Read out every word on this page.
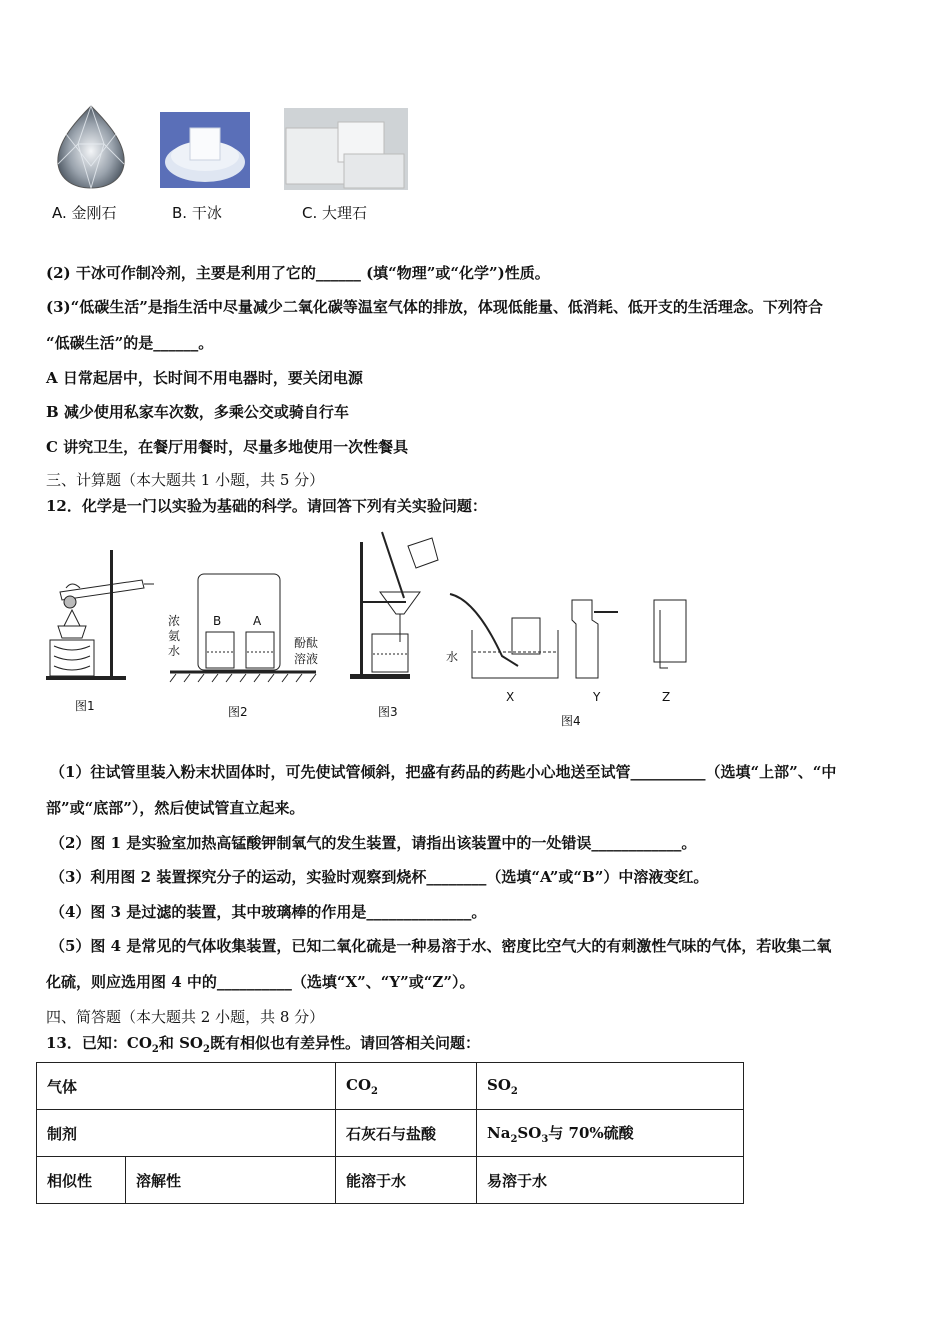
A. 金刚石	B. 干冰	C. 大理石
(2) 干冰可作制冷剂，主要是利用了它的______ (填“物理”或“化学”)性质。
(3)“低碳生活”是指生活中尽量减少二氧化碳等温室气体的排放，体现低能量、低消耗、低开支的生活理念。下列符合
“低碳生活”的是______。
A 日常起居中，长时间不用电器时，要关闭电源
B 减少使用私家车次数，多乘公交或骑自行车
C 讲究卫生，在餐厅用餐时，尽量多地使用一次性餐具
三、计算题（本大题共 1 小题，共 5 分）
12．化学是一门以实验为基础的科学。请回答下列有关实验问题：
B	A
浓氨水
酚酞
溶液	水
图1	图2	图3
X	Y	Z
图4
（1）往试管里装入粉末状固体时，可先使试管倾斜，把盛有药品的药匙小心地送至试管__________（选填“上部”、“中
部”或“底部”），然后使试管直立起来。
（2）图 1 是实验室加热高锰酸钾制氧气的发生装置，请指出该装置中的一处错误____________。
（3）利用图 2 装置探究分子的运动，实验时观察到烧杯________（选填“A”或“B”）中溶液变红。
（4）图 3 是过滤的装置，其中玻璃棒的作用是______________。
（5）图 4 是常见的气体收集装置，已知二氧化硫是一种易溶于水、密度比空气大的有刺激性气味的气体，若收集二氧
化硫，则应选用图 4 中的__________（选填“X”、“Y”或“Z”）。
四、简答题（本大题共 2 小题，共 8 分）
13．已知：$CO_2$和 $SO_2$既有相似也有差异性。请回答相关问题：
气体		$CO_2$	$SO_2$
制剂		石灰石与盐酸	$Na_2SO_3$与 70%硫酸
相似性	溶解性	能溶于水	易溶于水
